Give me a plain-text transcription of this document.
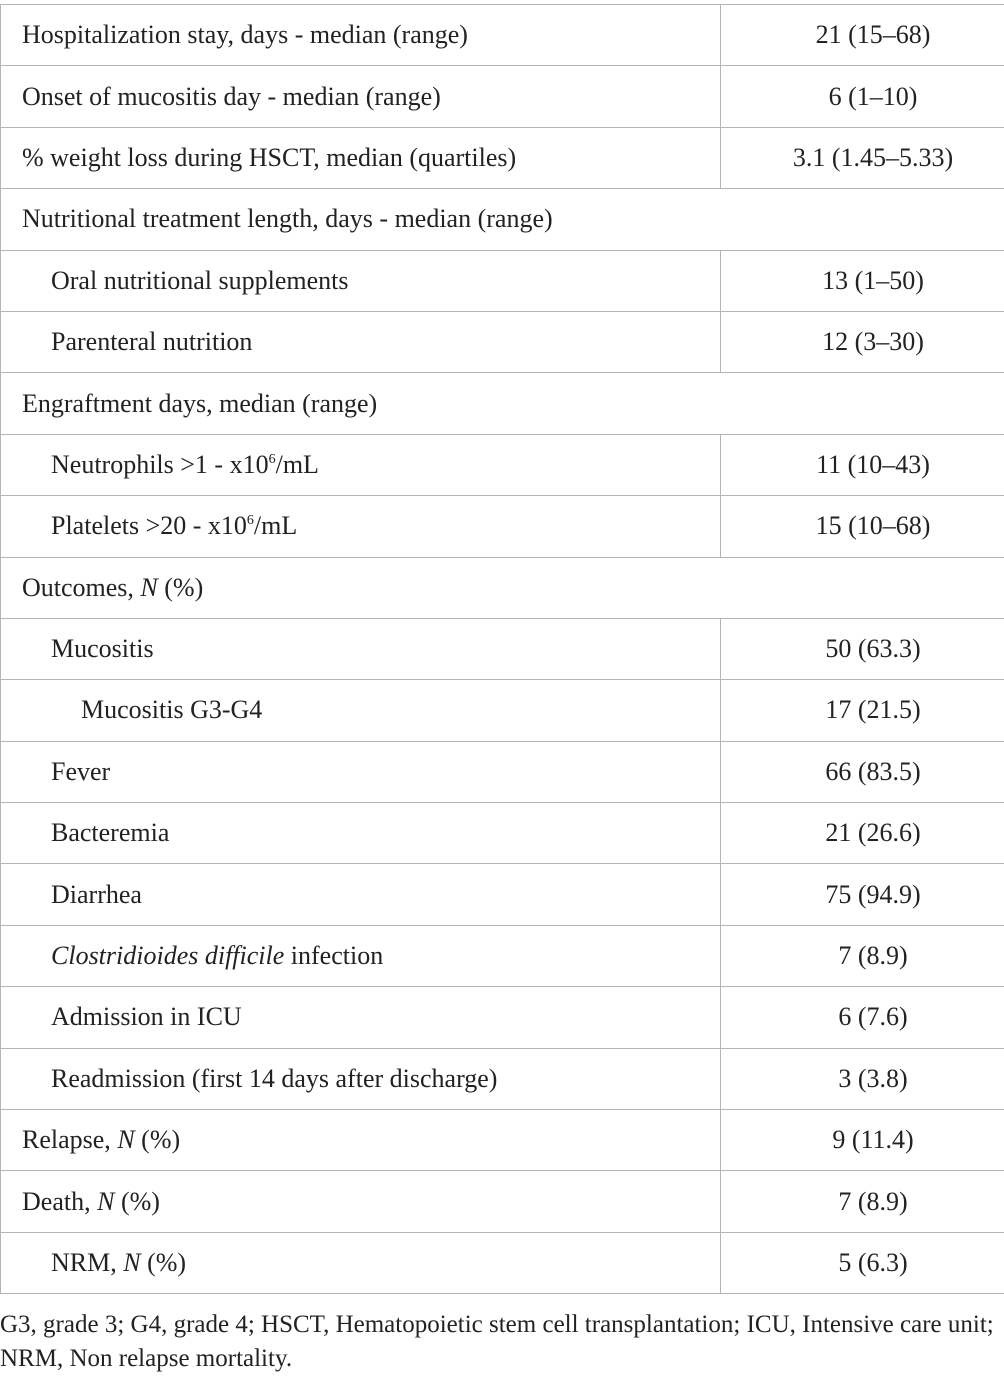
Hospitalization stay, days - median (range)	21 (15–68)
Onset of mucositis day - median (range)	6 (1–10)
% weight loss during HSCT, median (quartiles)	3.1 (1.45–5.33)
Nutritional treatment length, days - median (range)	
Oral nutritional supplements	13 (1–50)
Parenteral nutrition	12 (3–30)
Engraftment days, median (range)	
Neutrophils $>1 - x10^6/mL$	11 (10–43)
Platelets $>20 - x10^6/mL$	15 (10–68)
Outcomes, N (%)	
Mucositis	50 (63.3)
Mucositis G3-G4	17 (21.5)
Fever	66 (83.5)
Bacteremia	21 (26.6)
Diarrhea	75 (94.9)
Clostridioides difficile infection	7 (8.9)
Admission in ICU	6 (7.6)
Readmission (first 14 days after discharge)	3 (3.8)
Relapse, N (%)	9 (11.4)
Death, N (%)	7 (8.9)
NRM, N (%)	5 (6.3)
G3, grade 3; G4, grade 4; HSCT, Hematopoietic stem cell transplantation; ICU, Intensive care unit; NRM, Non relapse mortality.
